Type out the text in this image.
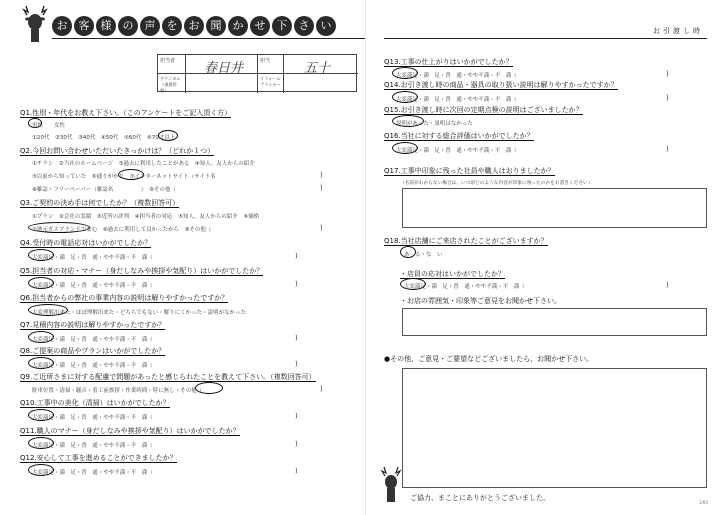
お	客	様	の	声	を	お	聞	か	せ	下	さ	い
担当者	担当
テクニカル
（現場管理）
リフォーム
プランナー
春日井	五十
Q1.性別・年代をお教え下さい。（このアンケートをご記入頂く方）
男性　　女性
①20代　②30代　③40代　④50代　⑤60代　⑥70才以上
Q2.今回お問い合わせいただいたきっかけは？（どれか１つ）
①チラシ　②当社のホームページ　③過去に利用したことがある　④知人、友人からの紹介
⑤以前から知っていた　⑥通りがかり　⑦インターネットサイト（サイト名	)
⑧雑誌・フリーペーパー（雑誌名　　　　　）　⑨その他（	)
Q3.ご契約の決め手は何でしたか？（複数回答可）
①プラン　②会社の実績　③近所の評判　④担当者の対応　⑤知人、友人からの紹介　⑥価格
⑦地元ガスブランドで安心　⑧過去に利用して良かったから　⑨その他（	)
Q4.受付時の電話応対はいかがでしたか？
大変満足・満　足・普　通・やや不満・不　満（	)
Q5.担当者の対応・マナー（身だしなみや挨拶や気配り）はいかがでしたか？
大変満足・満　足・普　通・やや不満・不　満（	)
Q6.担当者からの弊社の事業内容の説明は解りやすかったですか？
大変理解出来た・ほぼ理解出来た・どちらでもない・解りにくかった・説明がなかった
Q7.見積内容の説明は解りやすかったですか？
大変満足・満　足・普　通・やや不満・不　満（	)
Q8.ご提案の商品やプランはいかがでしたか？
大変満足・満　足・普　通・やや不満・不　満（	)
Q9.ご近所さまに対する配慮で問題があったと感じられたことを教えて下さい。（複数回答可）
駐車位置・清掃・騒音・着工前挨拶・作業時間・特に無し・その他（	)
Q10.工事中の美化（清掃）はいかがでしたか？
大変満足・満　足・普　通・やや不満・不　満（	)
Q11.職人のマナー（身だしなみや挨拶や気配り）はいかがでしたか？
大変満足・満　足・普　通・やや不満・不　満（	)
Q12.安心して工事を進めることができましたか？
大変満足・満　足・普　通・やや不満・不　満（	)
お引渡し時
Q13.工事の仕上がりはいかがでしたか？
大変満足・満　足・普　通・やや不満・不　満（	)
Q14.お引き渡し時の商品・器具の取り扱い説明は解りやすかったですか？
大変満足・満　足・普　通・やや不満・不　満（	)
Q15.お引き渡し時に次回の定期点検の説明はございましたか？
説明があった・説明はなかった
Q16.当社に対する総合評価はいかがでしたか？
大変満足・満　足・普　通・やや不満・不　満（	)
Q17.工事中印象に残った社員や職人はおりましたか？
（名前がわからない場合は、いつ頃どのような内容が印象に残ったのかをお書きください）
Q18.当社店舗にご来店されたことがございますか？
あ　る・な　い
・店員の応対はいかがでしたか？
大変満足・満　足・普　通・やや不満・不　満（	)
・お店の雰囲気・印象等ご意見をお聞かせ下さい。
●その他、ご意見・ご要望などございましたら、お聞かせ下さい。
ご協力、まことにありがとうございました。
1/60
